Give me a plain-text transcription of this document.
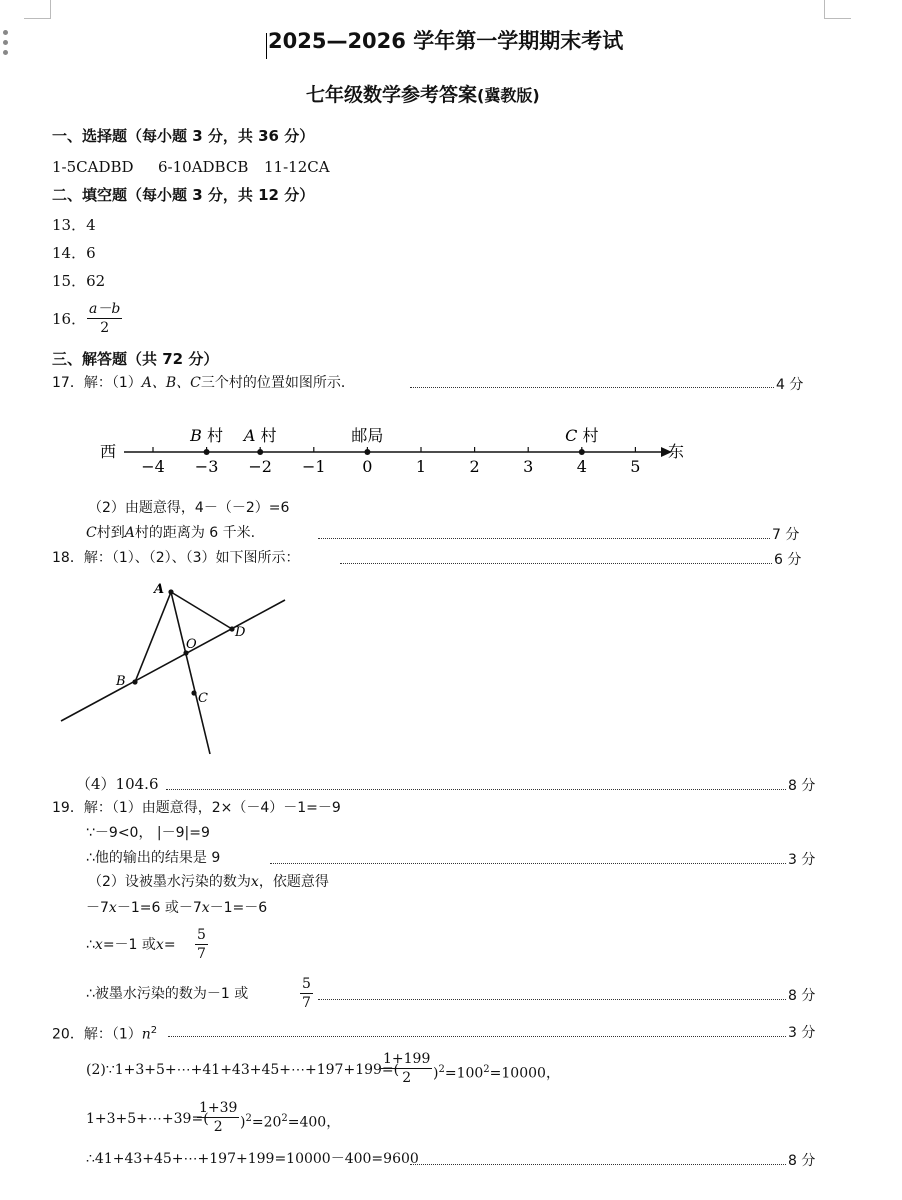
2025—2026 学年第一学期期末考试
七年级数学参考答案(冀教版)
一、选择题（每小题 3 分，共 36 分）
1-5CADBD 6-10ADBCB 11-12CA
二、填空题（每小题 3 分，共 12 分）
13．4
14．6
15．62
16． $\frac{a-b}{2}$
三、解答题（共 72 分）
17．解：（1）A、B、C三个村的位置如图所示．	4 分
西	东
−4 −3 −2 −1 0	1	2	3	4	5
B 村 A 村	邮局	C 村
（2）由题意得，4－（－2）=6
C村到A村的距离为 6 千米.	7 分
18．解：（1）、（2）、（3）如下图所示：	6 分
A
B
C
D
O
（4）104.6	8 分
19．解：（1）由题意得，2×（－4）－1=－9
∵－9<0， |－9|=9
∴他的输出的结果是 9	3 分
（2）设被墨水污染的数为x，依题意得
－7x－1=6 或－7x－1=－6
∴x=－1 或$x= \frac{5}{7}$
∴被墨水污染的数为－1 或	$\frac{5}{7}$	8 分
20．解：$(1)n^2$	3 分
(2)∵1+3+5+⋯+41+43+45+⋯+197+199=(
$\frac{1+199}{2} )^2=100^2=10000$，
1+3+5+⋯+39=(
$\frac{1+39}{2} )^2=20^2=400$，
∴41+43+45+⋯+197+199=10000－400=9600	8 分
